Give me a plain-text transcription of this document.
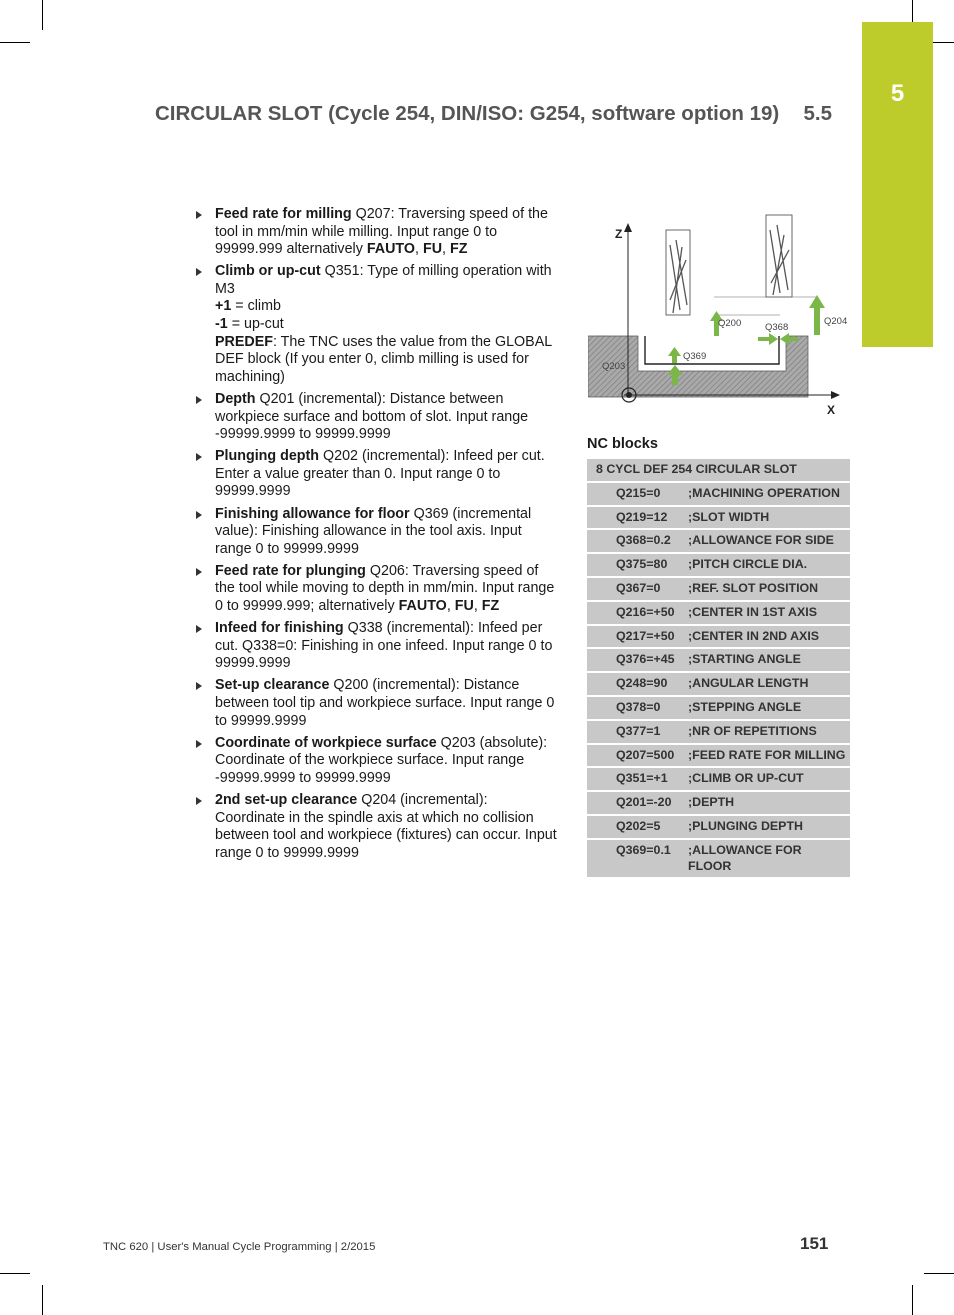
5
CIRCULAR SLOT (Cycle 254, DIN/ISO: G254, software option 19) 5.5
Feed rate for milling Q207: Traversing speed of the tool in mm/min while milling. Input range 0 to 99999.999 alternatively FAUTO, FU, FZ
Climb or up-cut Q351: Type of milling operation with M3
+1 = climb
-1 = up-cut
PREDEF: The TNC uses the value from the GLOBAL DEF block (If you enter 0, climb milling is used for machining)
Depth Q201 (incremental): Distance between workpiece surface and bottom of slot. Input range -99999.9999 to 99999.9999
Plunging depth Q202 (incremental): Infeed per cut. Enter a value greater than 0. Input range 0 to 99999.9999
Finishing allowance for floor Q369 (incremental value): Finishing allowance in the tool axis. Input range 0 to 99999.9999
Feed rate for plunging Q206: Traversing speed of the tool while moving to depth in mm/min. Input range 0 to 99999.999; alternatively FAUTO, FU, FZ
Infeed for finishing Q338 (incremental): Infeed per cut. Q338=0: Finishing in one infeed. Input range 0 to 99999.9999
Set-up clearance Q200 (incremental): Distance between tool tip and workpiece surface. Input range 0 to 99999.9999
Coordinate of workpiece surface Q203 (absolute): Coordinate of the workpiece surface. Input range -99999.9999 to 99999.9999
2nd set-up clearance Q204 (incremental): Coordinate in the spindle axis at which no collision between tool and workpiece (fixtures) can occur. Input range 0 to 99999.9999
Z
X
Q204
Q200	Q368
Q369
Q203
NC blocks
8 CYCL DEF 254 CIRCULAR SLOT	
Q215=0	;MACHINING OPERATION
Q219=12	;SLOT WIDTH
Q368=0.2	;ALLOWANCE FOR SIDE
Q375=80	;PITCH CIRCLE DIA.
Q367=0	;REF. SLOT POSITION
Q216=+50	;CENTER IN 1ST AXIS
Q217=+50	;CENTER IN 2ND AXIS
Q376=+45	;STARTING ANGLE
Q248=90	;ANGULAR LENGTH
Q378=0	;STEPPING ANGLE
Q377=1	;NR OF REPETITIONS
Q207=500	;FEED RATE FOR MILLING
Q351=+1	;CLIMB OR UP-CUT
Q201=-20	;DEPTH
Q202=5	;PLUNGING DEPTH
Q369=0.1	;ALLOWANCE FOR FLOOR
TNC 620 | User's Manual Cycle Programming | 2/2015	151
